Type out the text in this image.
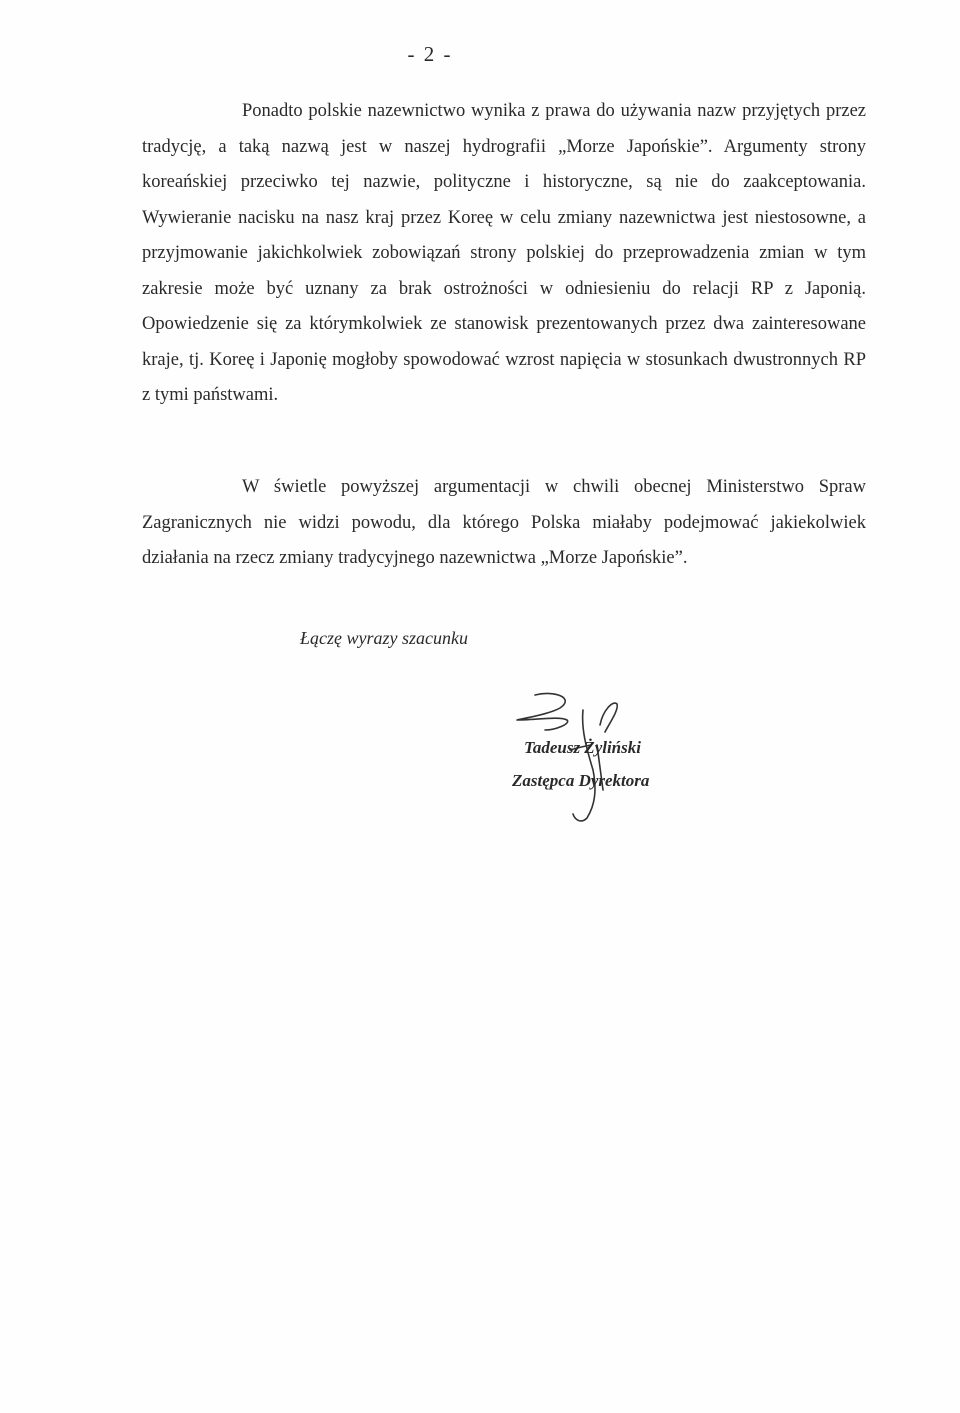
- 2 -

Ponadto polskie nazewnictwo wynika z prawa do używania nazw przyjętych przez tradycję, a taką nazwą jest w naszej hydrografii „Morze Japońskie”. Argumenty strony koreańskiej przeciwko tej nazwie, polityczne i historyczne, są nie do zaakceptowania. Wywieranie nacisku na nasz kraj przez Koreę w celu zmiany nazewnictwa jest niestosowne, a przyjmowanie jakichkolwiek zobowiązań strony polskiej do przeprowadzenia zmian w tym zakresie może być uznany za brak ostrożności w odniesieniu do relacji RP z Japonią. Opowiedzenie się za którymkolwiek ze stanowisk prezentowanych przez dwa zainteresowane kraje, tj. Koreę i Japonię mogłoby spowodować wzrost napięcia w stosunkach dwustronnych RP z tymi państwami.

W świetle powyższej argumentacji w chwili obecnej Ministerstwo Spraw Zagranicznych nie widzi powodu, dla którego Polska miałaby podejmować jakiekolwiek działania na rzecz zmiany tradycyjnego nazewnictwa „Morze Japońskie”.

Łączę wyrazy szacunku
Tadeusz Żyliński
Zastępca Dyrektora
